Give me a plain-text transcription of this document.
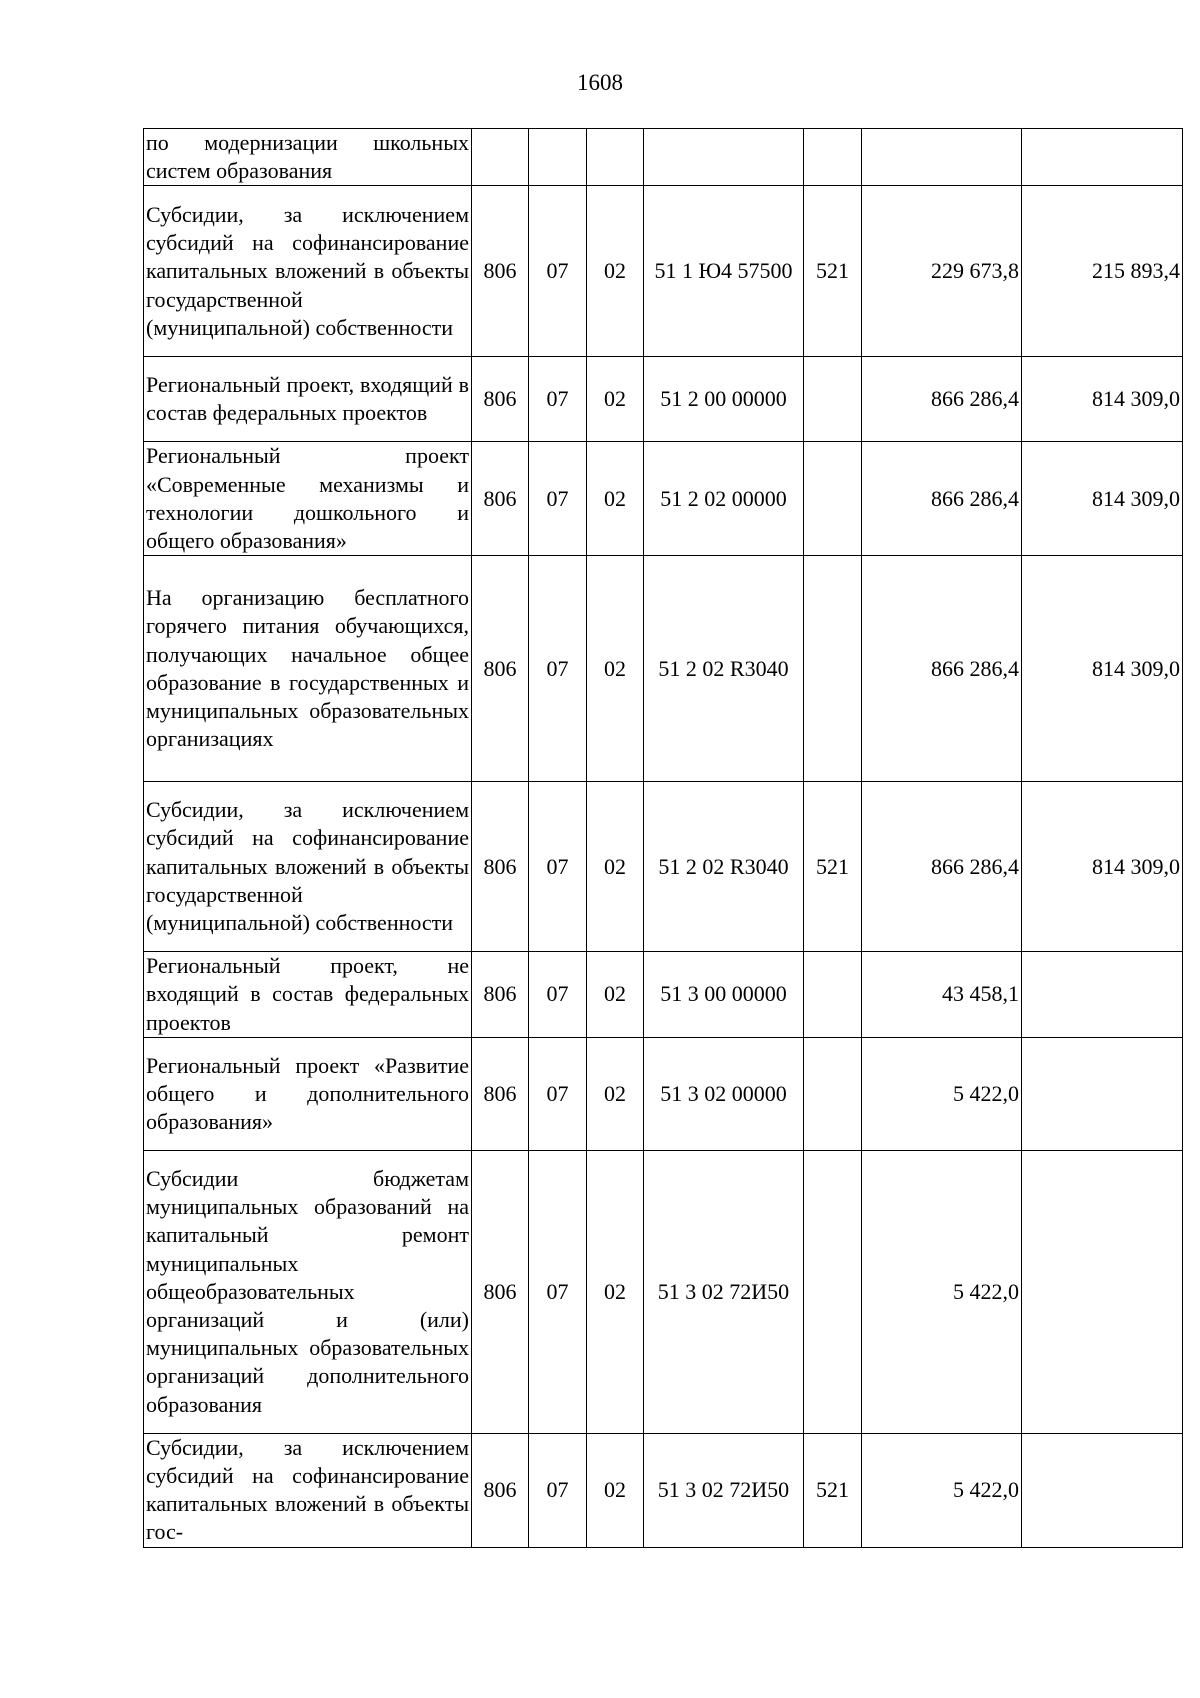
1608
по модернизации школьных систем образования							
Субсидии, за исключением субсидий на софинансирование капитальных вложений в объекты государственной (муниципальной) собственности	806	07	02	51 1 Ю4 57500	521	229 673,8	215 893,4
Региональный проект, входящий в состав федеральных проектов	806	07	02	51 2 00 00000		866 286,4	814 309,0
Региональный проект «Современные механизмы и технологии дошкольного и общего образования»	806	07	02	51 2 02 00000		866 286,4	814 309,0
На организацию бесплатного горячего питания обучающихся, получающих начальное общее образование в государственных и муниципальных образовательных организациях	806	07	02	51 2 02 R3040		866 286,4	814 309,0
Субсидии, за исключением субсидий на софинансирование капитальных вложений в объекты государственной (муниципальной) собственности	806	07	02	51 2 02 R3040	521	866 286,4	814 309,0
Региональный проект, не входящий в состав федеральных проектов	806	07	02	51 3 00 00000		43 458,1	
Региональный проект «Развитие общего и дополнительного образования»	806	07	02	51 3 02 00000		5 422,0	
Субсидии бюджетам муниципальных образований на капитальный ремонт муниципальных общеобразовательных организаций и (или) муниципальных образовательных организаций дополнительного образования	806	07	02	51 3 02 72И50		5 422,0	
Субсидии, за исключением субсидий на софинансирование капитальных вложений в объекты гос-	806	07	02	51 3 02 72И50	521	5 422,0	
